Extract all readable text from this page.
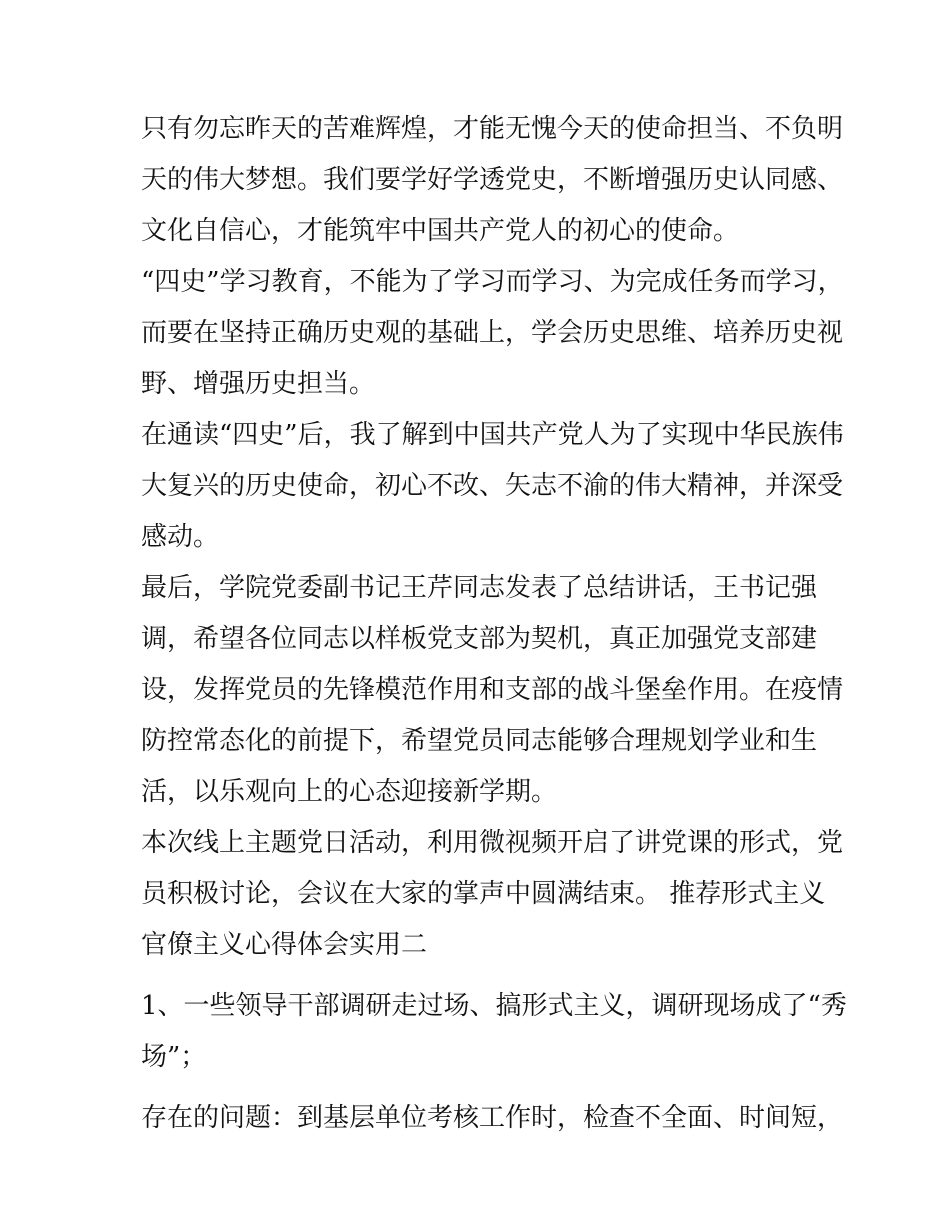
只有勿忘昨天的苦难辉煌，才能无愧今天的使命担当、不负明
天的伟大梦想。我们要学好学透党史，不断增强历史认同感、
文化自信心，才能筑牢中国共产党人的初心的使命。
“四史”学习教育，不能为了学习而学习、为完成任务而学习，
而要在坚持正确历史观的基础上，学会历史思维、培养历史视
野、增强历史担当。
在通读“四史”后，我了解到中国共产党人为了实现中华民族伟
大复兴的历史使命，初心不改、矢志不渝的伟大精神，并深受
感动。
最后，学院党委副书记王芹同志发表了总结讲话，王书记强
调，希望各位同志以样板党支部为契机，真正加强党支部建
设，发挥党员的先锋模范作用和支部的战斗堡垒作用。在疫情
防控常态化的前提下，希望党员同志能够合理规划学业和生
活，以乐观向上的心态迎接新学期。
本次线上主题党日活动，利用微视频开启了讲党课的形式，党
员积极讨论，会议在大家的掌声中圆满结束。 推荐形式主义
官僚主义心得体会实用二
1、一些领导干部调研走过场、搞形式主义，调研现场成了“秀
场”；
存在的问题：到基层单位考核工作时，检查不全面、时间短，
